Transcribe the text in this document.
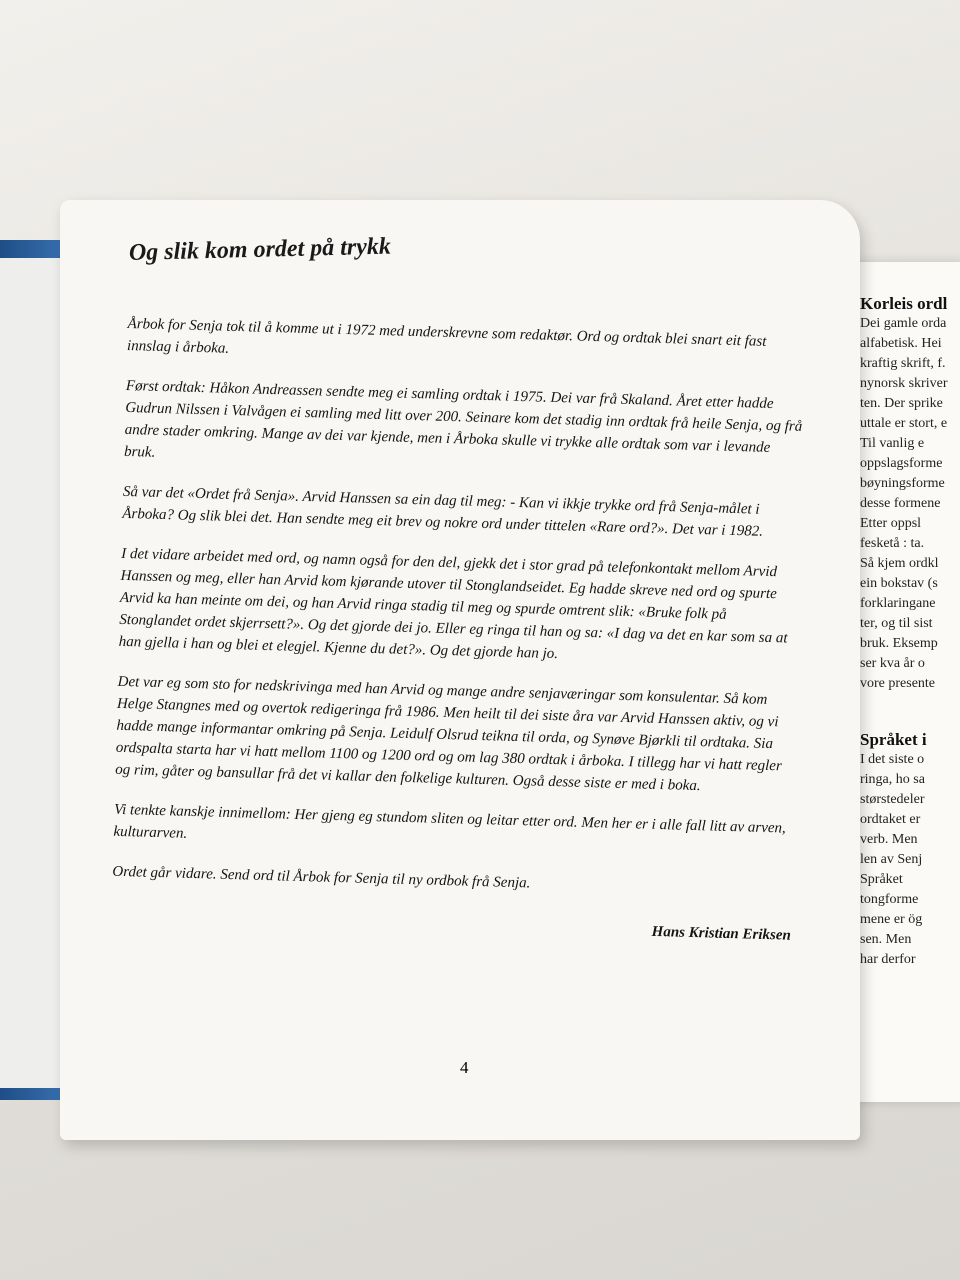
Korleis ordl
Dei gamle orda
alfabetisk. Hei
kraftig skrift, f.
nynorsk skriver
ten. Der sprike
uttale er stort, e
Til vanlig e
oppslagsforme
bøyningsforme
desse formene
Etter oppsl
fesketå : ta.
Så kjem ordkl
ein bokstav (s
forklaringane
ter, og til sist
bruk. Eksemp
ser kva år o
vore presente
Språket i
I det siste o
ringa, ho sa
størstedeler
ordtaket er
verb. Men
len av Senj
Språket
tongforme
mene er ög
sen. Men
har derfor
Og slik kom ordet på trykk

Årbok for Senja tok til å komme ut i 1972 med underskrevne som redaktør. Ord og ordtak blei snart eit fast innslag i årboka.

Først ordtak: Håkon Andreassen sendte meg ei samling ordtak i 1975. Dei var frå Skaland. Året etter hadde Gudrun Nilssen i Valvågen ei samling med litt over 200. Seinare kom det stadig inn ordtak frå heile Senja, og frå andre stader omkring. Mange av dei var kjende, men i Årboka skulle vi trykke alle ordtak som var i levande bruk.

Så var det «Ordet frå Senja». Arvid Hanssen sa ein dag til meg: - Kan vi ikkje trykke ord frå Senja-målet i Årboka? Og slik blei det. Han sendte meg eit brev og nokre ord under tittelen «Rare ord?». Det var i 1982.

I det vidare arbeidet med ord, og namn også for den del, gjekk det i stor grad på telefonkontakt mellom Arvid Hanssen og meg, eller han Arvid kom kjørande utover til Stonglandseidet. Eg hadde skreve ned ord og spurte Arvid ka han meinte om dei, og han Arvid ringa stadig til meg og spurde omtrent slik: «Bruke folk på Stonglandet ordet skjerrsett?». Og det gjorde dei jo. Eller eg ringa til han og sa: «I dag va det en kar som sa at han gjella i han og blei et elegjel. Kjenne du det?». Og det gjorde han jo.

Det var eg som sto for nedskrivinga med han Arvid og mange andre senjaværingar som konsulentar. Så kom Helge Stangnes med og overtok redigeringa frå 1986. Men heilt til dei siste åra var Arvid Hanssen aktiv, og vi hadde mange informantar omkring på Senja. Leidulf Olsrud teikna til orda, og Synøve Bjørkli til ordtaka. Sia ordspalta starta har vi hatt mellom 1100 og 1200 ord og om lag 380 ordtak i årboka. I tillegg har vi hatt regler og rim, gåter og bansullar frå det vi kallar den folkelige kulturen. Også desse siste er med i boka.

Vi tenkte kanskje innimellom: Her gjeng eg stundom sliten og leitar etter ord. Men her er i alle fall litt av arven, kulturarven.

Ordet går vidare. Send ord til Årbok for Senja til ny ordbok frå Senja.

Hans Kristian Eriksen
4
